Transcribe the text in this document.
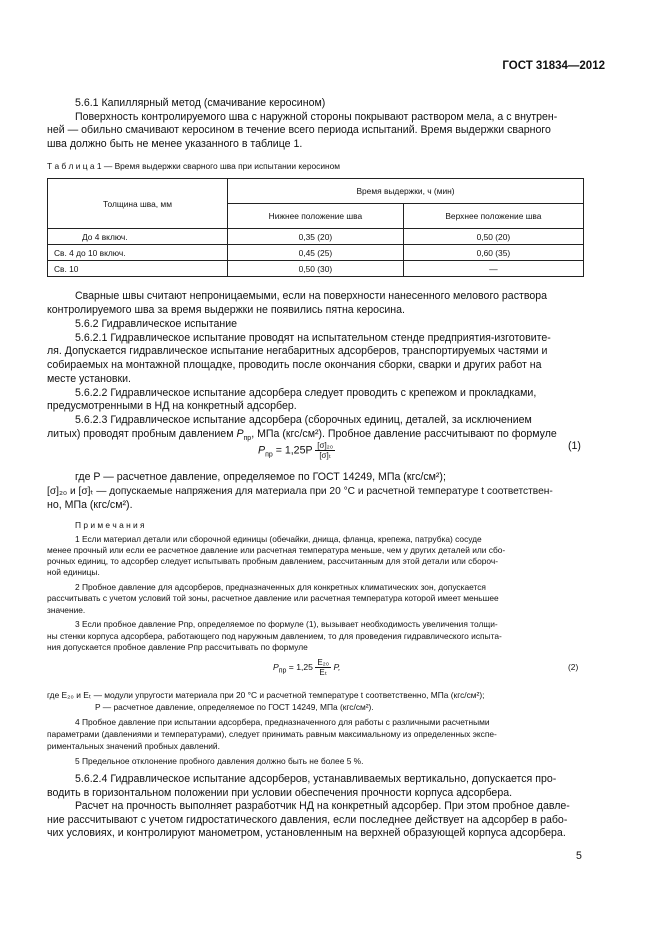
ГОСТ 31834—2012
5.6.1 Капиллярный метод (смачивание керосином)
Поверхность контролируемого шва с наружной стороны покрывают раствором мела, а с внутрен-
ней — обильно смачивают керосином в течение всего периода испытаний. Время выдержки сварного
шва должно быть не менее указанного в таблице 1.
Т а б л и ц а 1 — Время выдержки сварного шва при испытании керосином
Толщина шва, мм	Время выдержки, ч (мин)	
	Нижнее положение шва	Верхнее положение шва
До 4 включ.	0,35 (20)	0,50 (20)
Св. 4 до 10 включ.	0,45 (25)	0,60 (35)
Св. 10	0,50 (30)	—
Сварные швы считают непроницаемыми, если на поверхности нанесенного мелового раствора
контролируемого шва за время выдержки не появились пятна керосина.
5.6.2 Гидравлическое испытание
5.6.2.1 Гидравлическое испытание проводят на испытательном стенде предприятия-изготовите-
ля. Допускается гидравлическое испытание негабаритных адсорберов, транспортируемых частями и
собираемых на монтажной площадке, проводить после окончания сборки, сварки и других работ на
месте установки.
5.6.2.2 Гидравлическое испытание адсорбера следует проводить с крепежом и прокладками,
предусмотренными в НД на конкретный адсорбер.
5.6.2.3 Гидравлическое испытание адсорбера (сборочных единиц, деталей, за исключением
литых) проводят пробным давлением $P_{пр}$, МПа (кгс/см²). Пробное давление рассчитывают по формуле
$P_{пр} = 1,25P \frac{\text{[σ]₂₀}}{\text{[σ]ₜ}}$	(1)
где P — расчетное давление, определяемое по ГОСТ 14249, МПа (кгс/см²);
[σ]₂₀ и [σ]ₜ — допускаемые напряжения для материала при 20 °С и расчетной температуре t соответствен-
но, МПа (кгс/см²).
П р и м е ч а н и я
1 Если материал детали или сборочной единицы (обечайки, днища, фланца, крепежа, патрубка) сосуде
менее прочный или если ее расчетное давление или расчетная температура меньше, чем у других деталей или сбо-
рочных единиц, то адсорбер следует испытывать пробным давлением, рассчитанным для этой детали или сбороч-
ной единицы.
2 Пробное давление для адсорберов, предназначенных для конкретных климатических зон, допускается
рассчитывать с учетом условий той зоны, расчетное давление или расчетная температура которой имеет меньшее
значение.
3 Если пробное давление Pпр, определяемое по формуле (1), вызывает необходимость увеличения толщи-
ны стенки корпуса адсорбера, работающего под наружным давлением, то для проведения гидравлического испыта-
ния допускается пробное давление Pпр рассчитывать по формуле
$P_{пр} = 1,25 \frac{\text{E₂₀}}{\text{Eₜ}} P$,	(2)
где E₂₀ и Eₜ — модули упругости материала при 20 °С и расчетной температуре t соответственно, МПа (кгс/см²);
P — расчетное давление, определяемое по ГОСТ 14249, МПа (кгс/см²).
4 Пробное давление при испытании адсорбера, предназначенного для работы с различными расчетными
параметрами (давлениями и температурами), следует принимать равным максимальному из определенных экспе-
риментальных значений пробных давлений.
5 Предельное отклонение пробного давления должно быть не более 5 %.
5.6.2.4 Гидравлическое испытание адсорберов, устанавливаемых вертикально, допускается про-
водить в горизонтальном положении при условии обеспечения прочности корпуса адсорбера.
Расчет на прочность выполняет разработчик НД на конкретный адсорбер. При этом пробное давле-
ние рассчитывают с учетом гидростатического давления, если последнее действует на адсорбер в рабо-
чих условиях, и контролируют манометром, установленным на верхней образующей корпуса адсорбера.
5
